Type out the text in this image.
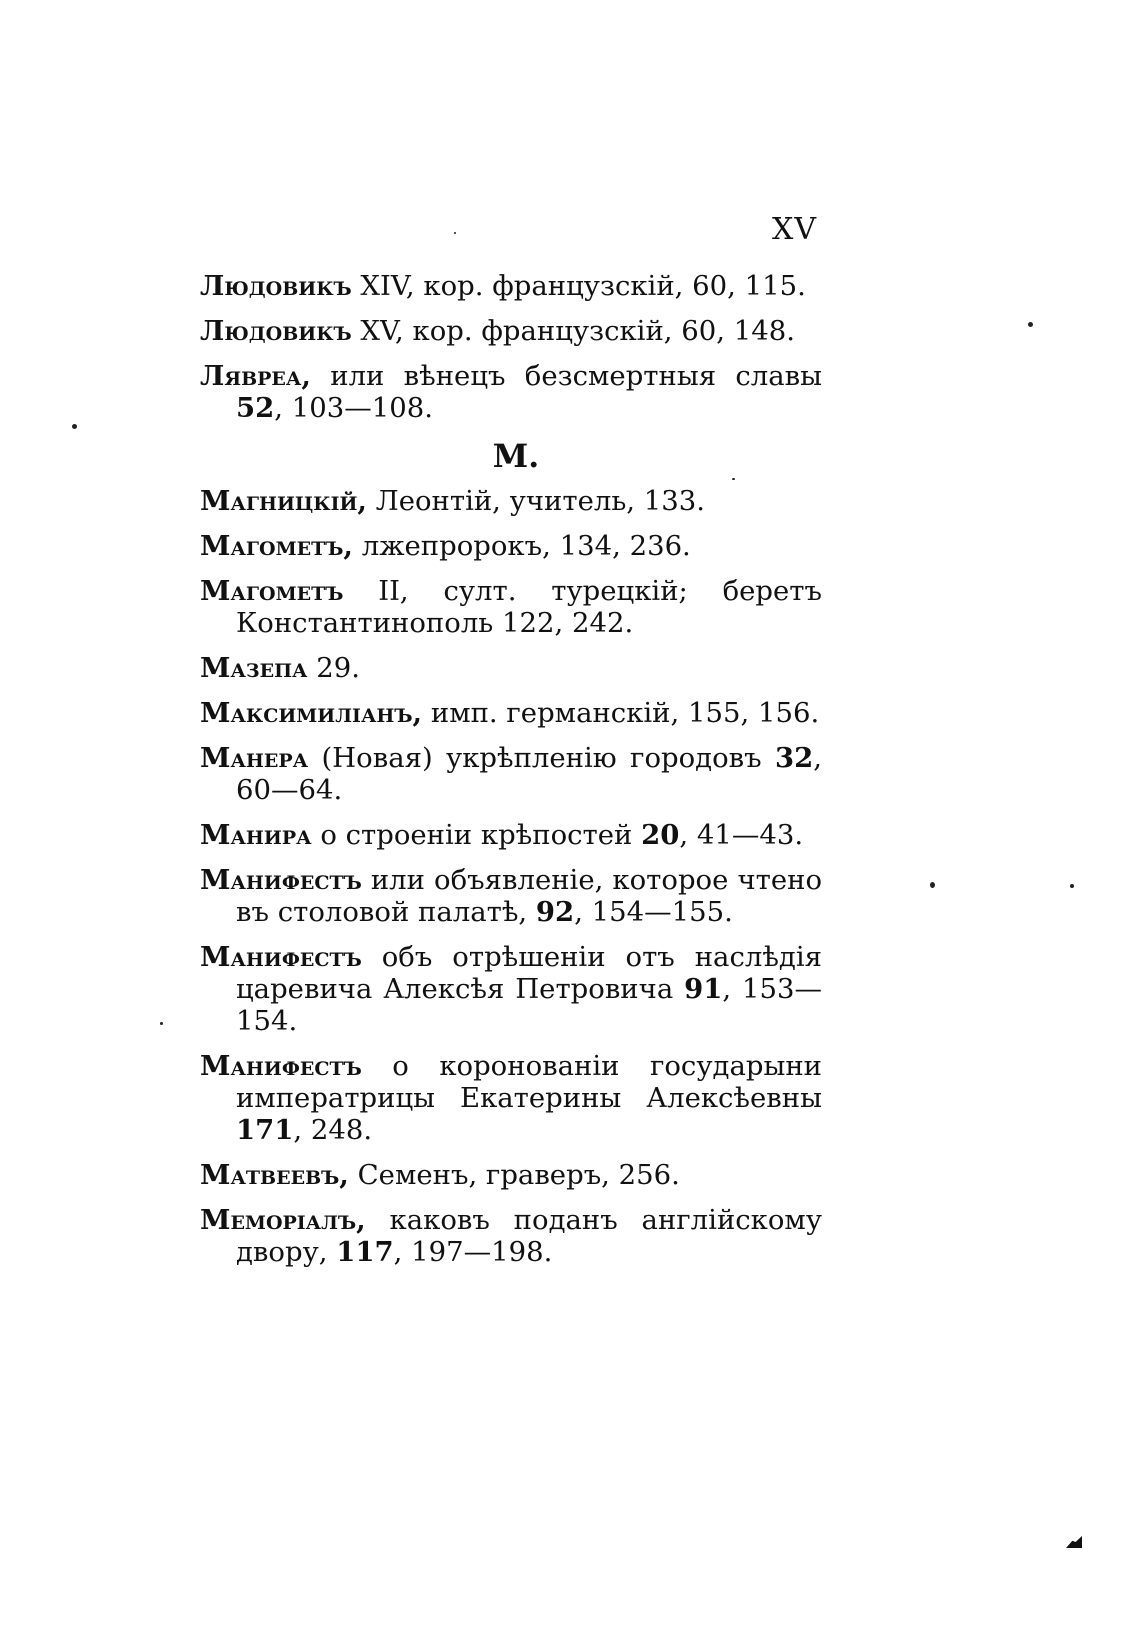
XV

Людовикъ XIV, кор. французскій, 60, 115.

Людовикъ XV, кор. французскій, 60, 148.

Лявреа, или вѣнецъ безсмертныя славы 52, 103—108.

М.

Магницкій, Леонтій, учитель, 133.

Магометъ, лжепророкъ, 134, 236.

Магометъ II, султ. турецкій; беретъ Константинополь 122, 242.

Мазепа 29.

Максимиліанъ, имп. германскій, 155, 156.

Манера (Новая) укрѣпленію городовъ 32, 60—64.

Манира о строеніи крѣпостей 20, 41—43.

Манифестъ или объявленіе, которое чтено въ столовой палатѣ, 92, 154—155.

Манифестъ объ отрѣшеніи отъ наслѣдія царевича Алексѣя Петровича 91, 153—154.

Манифестъ о коронованіи государыни императрицы Екатерины Алексѣевны 171, 248.

Матвеевъ, Семенъ, граверъ, 256.

Меморіалъ, каковъ поданъ англійскому двору, 117, 197—198.
